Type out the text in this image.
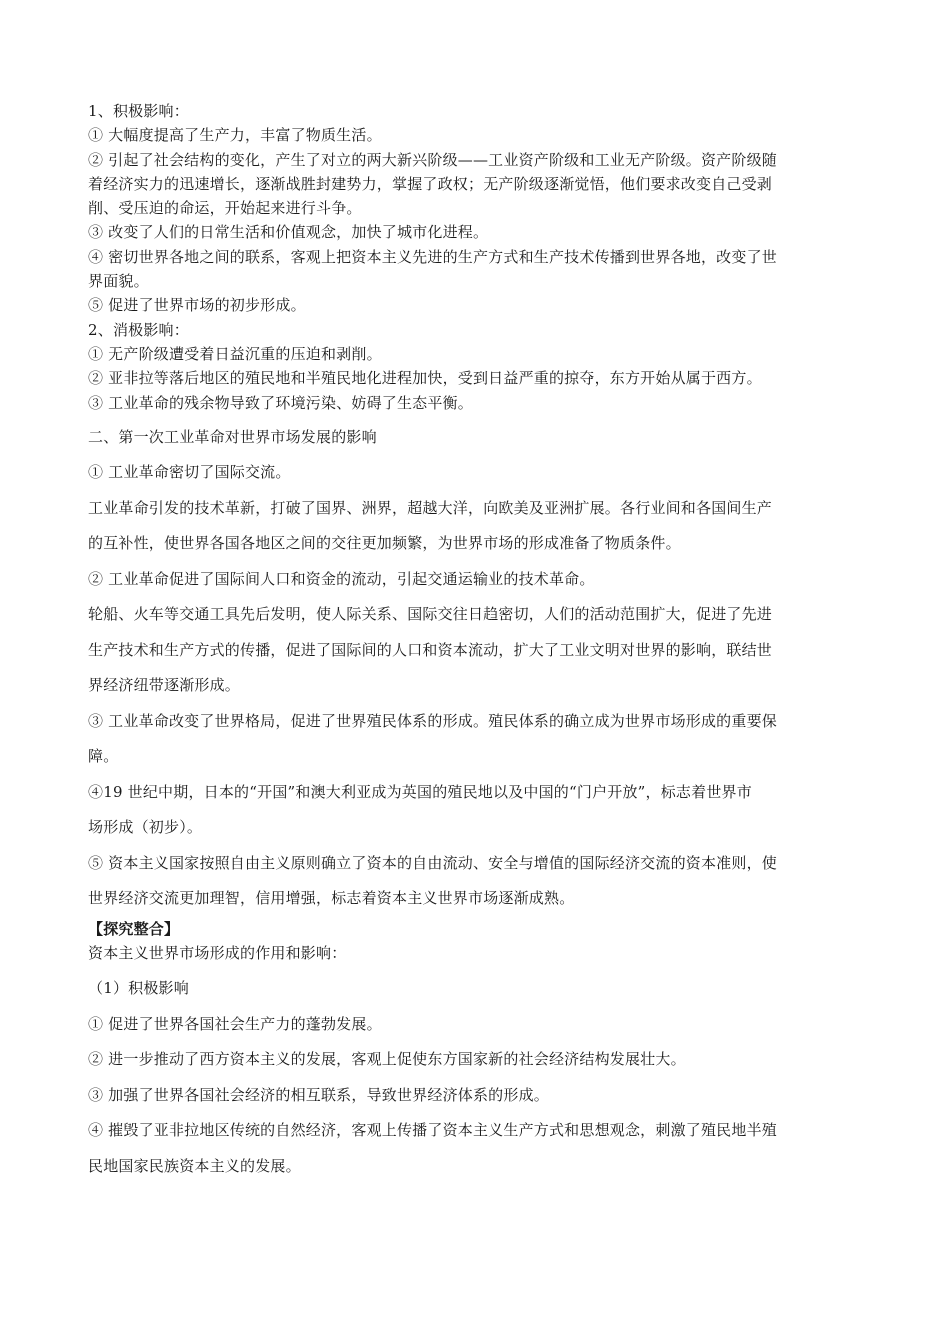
1、积极影响：

① 大幅度提高了生产力，丰富了物质生活。

② 引起了社会结构的变化，产生了对立的两大新兴阶级——工业资产阶级和工业无产阶级。资产阶级随

着经济实力的迅速增长，逐渐战胜封建势力，掌握了政权；无产阶级逐渐觉悟，他们要求改变自己受剥

削、受压迫的命运，开始起来进行斗争。

③ 改变了人们的日常生活和价值观念，加快了城市化进程。

④ 密切世界各地之间的联系，客观上把资本主义先进的生产方式和生产技术传播到世界各地，改变了世

界面貌。

⑤ 促进了世界市场的初步形成。

2、消极影响：

① 无产阶级遭受着日益沉重的压迫和剥削。

② 亚非拉等落后地区的殖民地和半殖民地化进程加快，受到日益严重的掠夺，东方开始从属于西方。

③ 工业革命的残余物导致了环境污染、妨碍了生态平衡。

二、第一次工业革命对世界市场发展的影响

① 工业革命密切了国际交流。

工业革命引发的技术革新，打破了国界、洲界，超越大洋，向欧美及亚洲扩展。各行业间和各国间生产

的互补性，使世界各国各地区之间的交往更加频繁，为世界市场的形成准备了物质条件。

② 工业革命促进了国际间人口和资金的流动，引起交通运输业的技术革命。

轮船、火车等交通工具先后发明，使人际关系、国际交往日趋密切，人们的活动范围扩大，促进了先进

生产技术和生产方式的传播，促进了国际间的人口和资本流动，扩大了工业文明对世界的影响，联结世

界经济纽带逐渐形成。

③ 工业革命改变了世界格局，促进了世界殖民体系的形成。殖民体系的确立成为世界市场形成的重要保

障。

④19 世纪中期，日本的“开国”和澳大利亚成为英国的殖民地以及中国的“门户开放”，标志着世界市

场形成（初步）。

⑤ 资本主义国家按照自由主义原则确立了资本的自由流动、安全与增值的国际经济交流的资本准则，使

世界经济交流更加理智，信用增强，标志着资本主义世界市场逐渐成熟。

【探究整合】

资本主义世界市场形成的作用和影响：

（1）积极影响

① 促进了世界各国社会生产力的蓬勃发展。

② 进一步推动了西方资本主义的发展，客观上促使东方国家新的社会经济结构发展壮大。

③ 加强了世界各国社会经济的相互联系，导致世界经济体系的形成。

④ 摧毁了亚非拉地区传统的自然经济，客观上传播了资本主义生产方式和思想观念，刺激了殖民地半殖

民地国家民族资本主义的发展。
